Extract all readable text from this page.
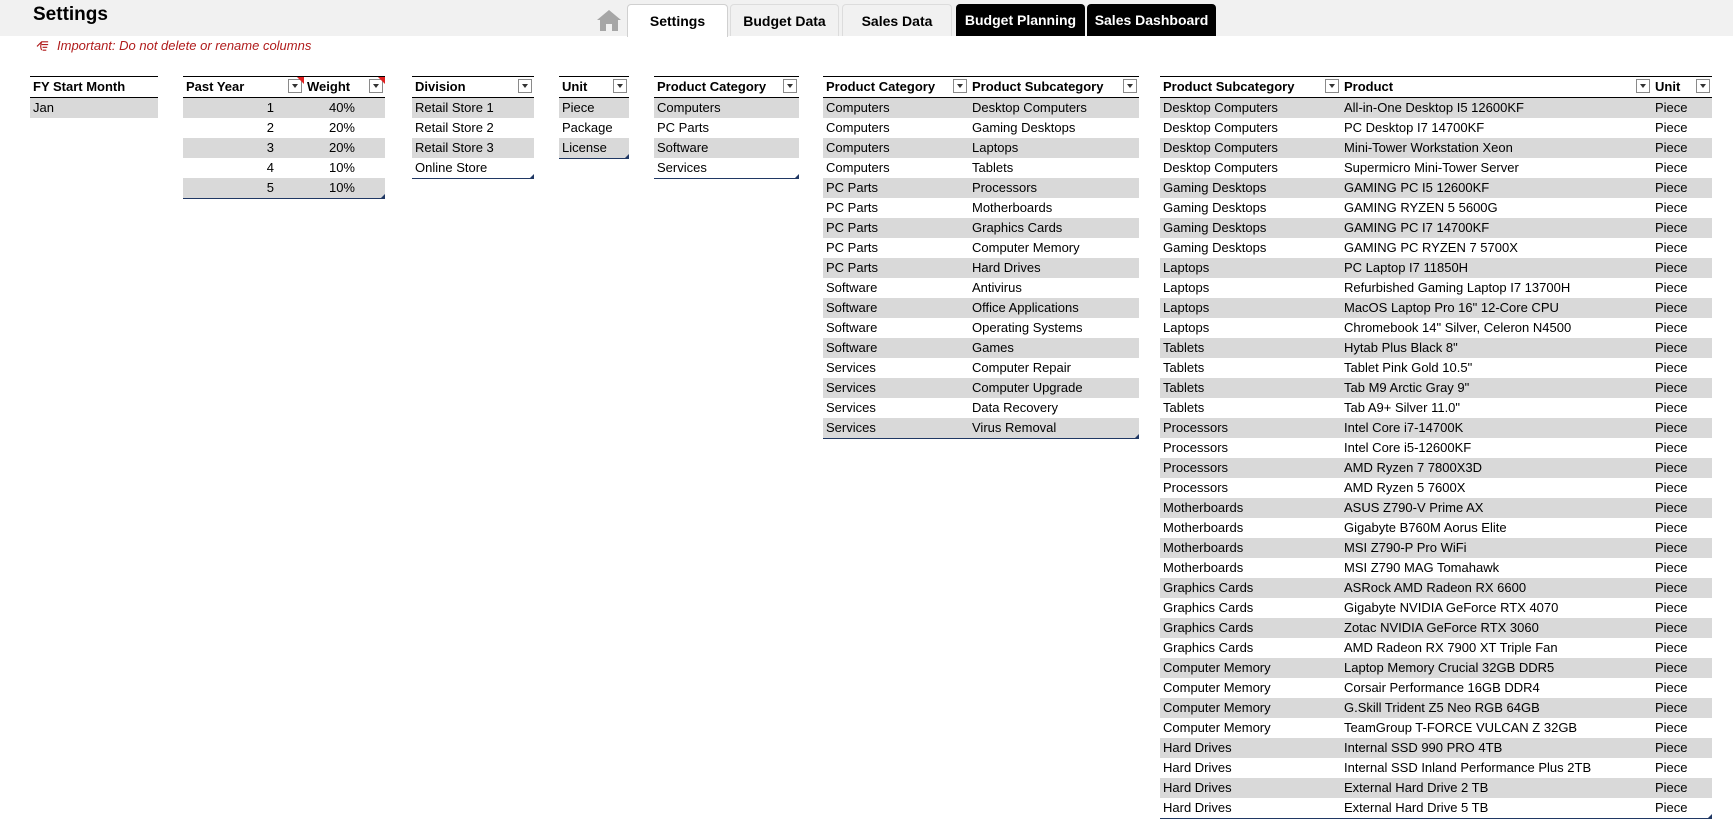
Settings
Important: Do not delete or rename columns
Settings	Budget Data	Sales Data Budget Planning Sales Dashboard
FY Start Month
Jan
Past Year	Weight
1	40%
2	20%
3	20%
4	10%
5	10%
Division
Retail Store 1
Retail Store 2
Retail Store 3
Online Store
Unit
Piece
Package
License
Product Category
Computers
PC Parts
Software
Services
Product Category	Product Subcategory
Computers	Desktop Computers
Computers	Gaming Desktops
Computers	Laptops
Computers	Tablets
PC Parts	Processors
PC Parts	Motherboards
PC Parts	Graphics Cards
PC Parts	Computer Memory
PC Parts	Hard Drives
Software	Antivirus
Software	Office Applications
Software	Operating Systems
Software	Games
Services	Computer Repair
Services	Computer Upgrade
Services	Data Recovery
Services	Virus Removal
Product Subcategory	Product	Unit
Desktop Computers	All-in-One Desktop I5 12600KF	Piece
Desktop Computers	PC Desktop I7 14700KF	Piece
Desktop Computers	Mini-Tower Workstation Xeon	Piece
Desktop Computers	Supermicro Mini-Tower Server	Piece
Gaming Desktops	GAMING PC I5 12600KF	Piece
Gaming Desktops	GAMING RYZEN 5 5600G	Piece
Gaming Desktops	GAMING PC I7 14700KF	Piece
Gaming Desktops	GAMING PC RYZEN 7 5700X	Piece
Laptops	PC Laptop I7 11850H	Piece
Laptops	Refurbished Gaming Laptop I7 13700H	Piece
Laptops	MacOS Laptop Pro 16" 12-Core CPU	Piece
Laptops	Chromebook 14" Silver, Celeron N4500	Piece
Tablets	Hytab Plus Black 8"	Piece
Tablets	Tablet Pink Gold 10.5"	Piece
Tablets	Tab M9 Arctic Gray 9"	Piece
Tablets	Tab A9+ Silver 11.0"	Piece
Processors	Intel Core i7-14700K	Piece
Processors	Intel Core i5-12600KF	Piece
Processors	AMD Ryzen 7 7800X3D	Piece
Processors	AMD Ryzen 5 7600X	Piece
Motherboards	ASUS Z790-V Prime AX	Piece
Motherboards	Gigabyte B760M Aorus Elite	Piece
Motherboards	MSI Z790-P Pro WiFi	Piece
Motherboards	MSI Z790 MAG Tomahawk	Piece
Graphics Cards	ASRock AMD Radeon RX 6600	Piece
Graphics Cards	Gigabyte NVIDIA GeForce RTX 4070	Piece
Graphics Cards	Zotac NVIDIA GeForce RTX 3060	Piece
Graphics Cards	AMD Radeon RX 7900 XT Triple Fan	Piece
Computer Memory	Laptop Memory Crucial 32GB DDR5	Piece
Computer Memory	Corsair Performance 16GB DDR4	Piece
Computer Memory	G.Skill Trident Z5 Neo RGB 64GB	Piece
Computer Memory	TeamGroup T-FORCE VULCAN Z 32GB	Piece
Hard Drives	Internal SSD 990 PRO 4TB	Piece
Hard Drives	Internal SSD Inland Performance Plus 2TB	Piece
Hard Drives	External Hard Drive 2 TB	Piece
Hard Drives	External Hard Drive 5 TB	Piece
